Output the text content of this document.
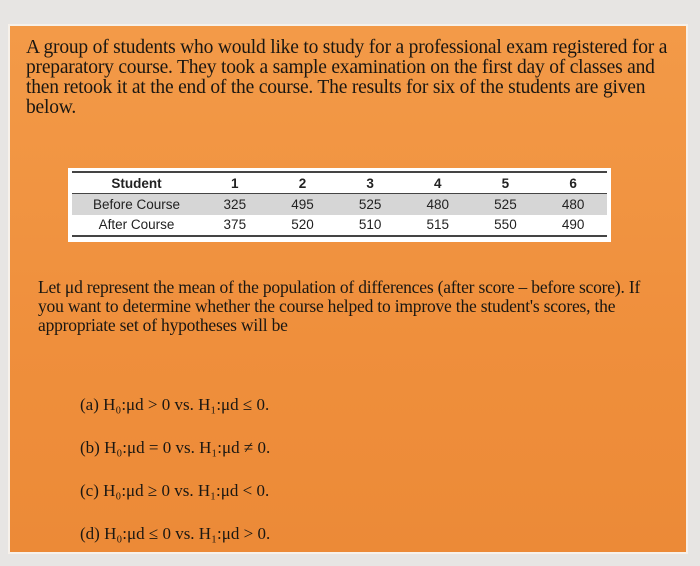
A group of students who would like to study for a professional exam registered for a preparatory course. They took a sample examination on the first day of classes and then retook it at the end of the course. The results for six of the students are given below.

Student	1	2	3	4	5	6
Before Course	325	495	525	480	525	480
After Course	375	520	510	515	550	490

Let μd represent the mean of the population of differences (after score – before score). If you want to determine whether the course helped to improve the student's scores, the appropriate set of hypotheses will be

(a) H₀:μd > 0 vs. H₁:μd ≤ 0.
(b) H₀:μd = 0 vs. H₁:μd ≠ 0.
(c) H₀:μd ≥ 0 vs. H₁:μd < 0.
(d) H₀:μd ≤ 0 vs. H₁:μd > 0.
